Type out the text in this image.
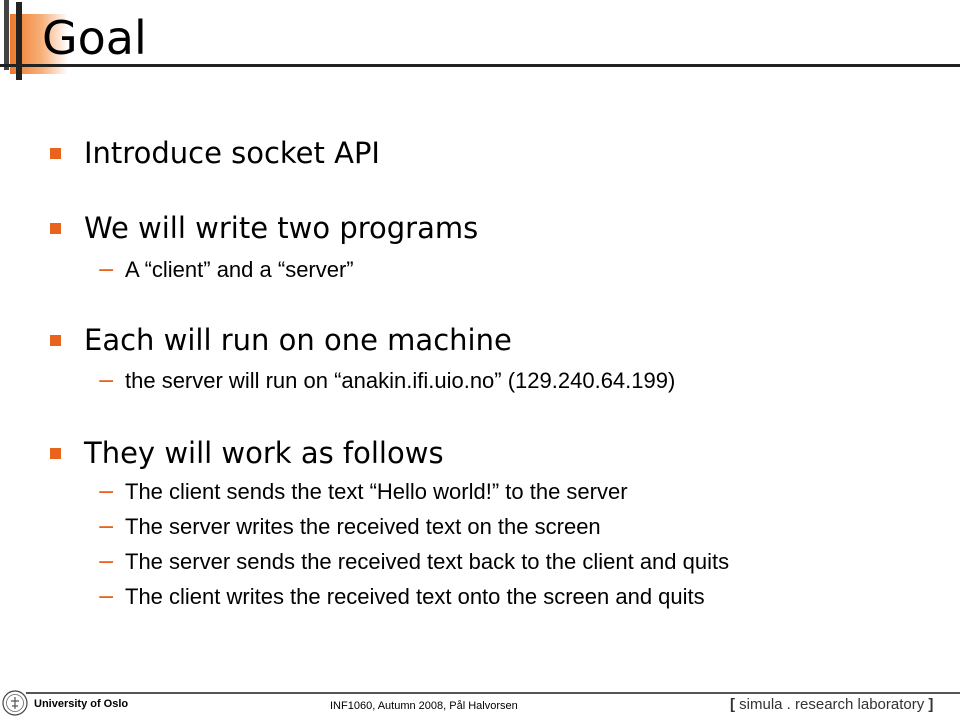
Goal
Introduce socket API
We will write two programs
− A “client” and a “server”
Each will run on one machine
− the server will run on “anakin.ifi.uio.no” (129.240.64.199)
They will work as follows
− The client sends the text “Hello world!” to the server
− The server writes the received text on the screen
− The server sends the received text back to the client and quits
− The client writes the received text onto the screen and quits
University of Oslo	INF1060, Autumn 2008, Pål Halvorsen	[ simula . research laboratory ]
